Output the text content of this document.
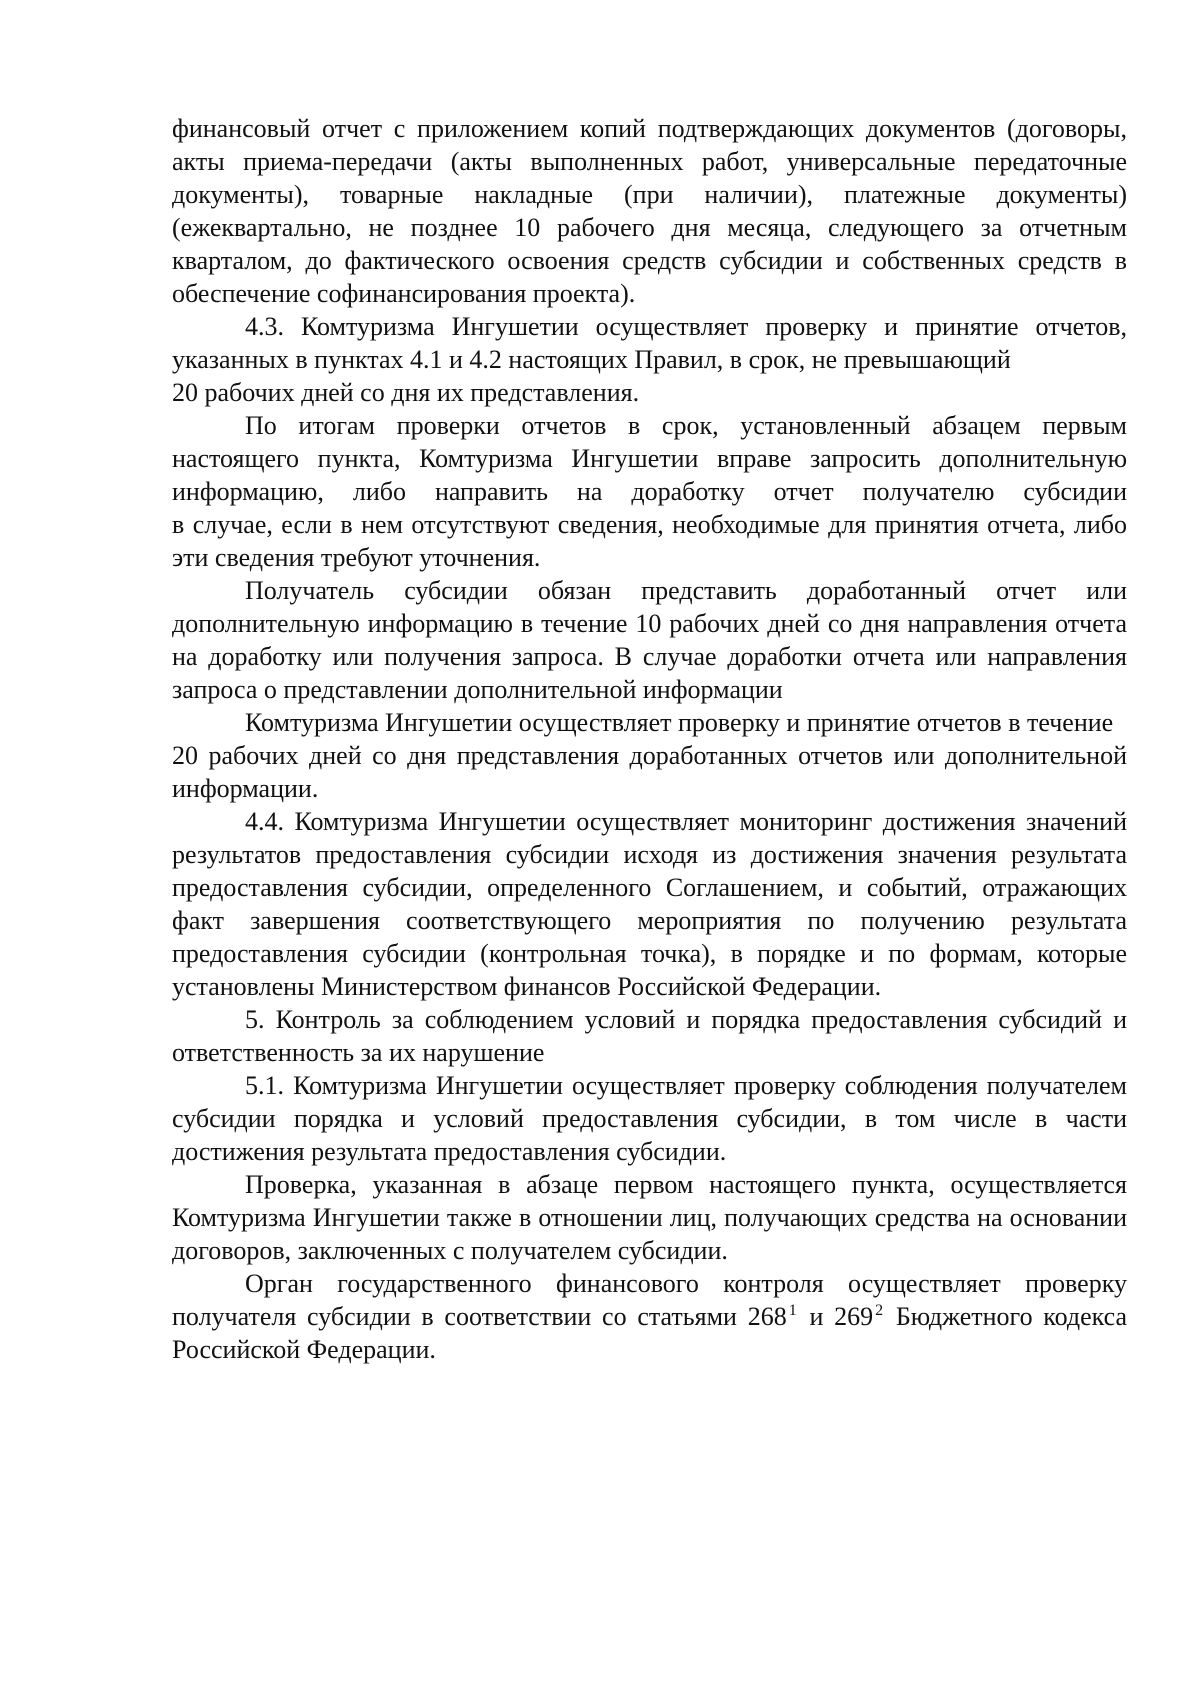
финансовый отчет с приложением копий подтверждающих документов (договоры, акты приема-передачи (акты выполненных работ, универсальные передаточные документы), товарные накладные (при наличии), платежные документы) (ежеквартально, не позднее 10 рабочего дня месяца, следующего за отчетным кварталом, до фактического освоения средств субсидии и собственных средств в обеспечение софинансирования проекта).

4.3. Комтуризма Ингушетии осуществляет проверку и принятие отчетов, указанных в пунктах 4.1 и 4.2 настоящих Правил, в срок, не превышающий

20 рабочих дней со дня их представления.

По итогам проверки отчетов в срок, установленный абзацем первым настоящего пункта, Комтуризма Ингушетии вправе запросить дополнительную информацию, либо направить на доработку отчет получателю субсидии

в случае, если в нем отсутствуют сведения, необходимые для принятия отчета, либо эти сведения требуют уточнения.

Получатель субсидии обязан представить доработанный отчет или дополнительную информацию в течение 10 рабочих дней со дня направления отчета на доработку или получения запроса. В случае доработки отчета или направления запроса о представлении дополнительной информации

Комтуризма Ингушетии осуществляет проверку и принятие отчетов в течение

20 рабочих дней со дня представления доработанных отчетов или дополнительной информации.

4.4. Комтуризма Ингушетии осуществляет мониторинг достижения значений результатов предоставления субсидии исходя из достижения значения результата предоставления субсидии, определенного Соглашением, и событий, отражающих факт завершения соответствующего мероприятия по получению результата предоставления субсидии (контрольная точка), в порядке и по формам, которые установлены Министерством финансов Российской Федерации.

5. Контроль за соблюдением условий и порядка предоставления субсидий и ответственность за их нарушение

5.1. Комтуризма Ингушетии осуществляет проверку соблюдения получателем субсидии порядка и условий предоставления субсидии, в том числе в части достижения результата предоставления субсидии.

Проверка, указанная в абзаце первом настоящего пункта, осуществляется Комтуризма Ингушетии также в отношении лиц, получающих средства на основании договоров, заключенных с получателем субсидии.

Орган государственного финансового контроля осуществляет проверку получателя субсидии в соответствии со статьями 268 $^1$ и 269 $^2$ Бюджетного кодекса Российской Федерации.
